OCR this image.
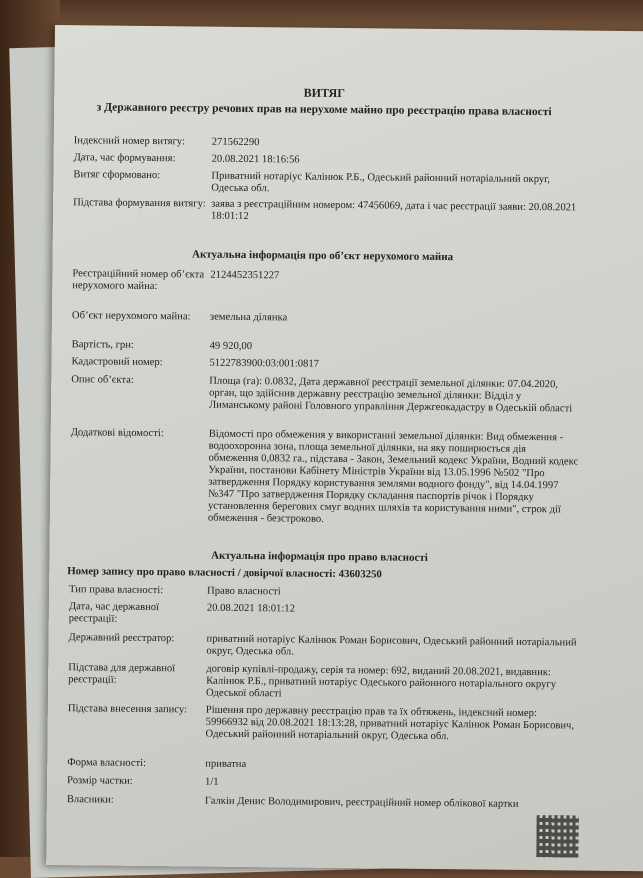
ВИТЯГ
з Державного реєстру речових прав на нерухоме майно про реєстрацію права власності
Індексний номер витягу:	271562290
Дата, час формування:	20.08.2021 18:16:56
Витяг сформовано:	Приватний нотаріус Калінюк Р.Б., Одеський районний нотаріальний округ, Одеська обл.
Підстава формування витягу: заява з реєстраційним номером: 47456069, дата і час реєстрації заяви: 20.08.2021 18:01:12
Актуальна інформація про об’єкт нерухомого майна
Реєстраційний номер об’єкта нерухомого майна:
2124452351227
Об’єкт нерухомого майна:	земельна ділянка
Вартість, грн:	49 920,00
Кадастровий номер:	5122783900:03:001:0817
Опис об’єкта:	Площа (га): 0.0832, Дата державної реєстрації земельної ділянки: 07.04.2020, орган, що здійснив державну реєстрацію земельної ділянки: Відділ у Лиманському районі Головного управління Держгеокадастру в Одеській області
Додаткові відомості:	Відомості про обмеження у використанні земельної ділянки: Вид обмеження - водоохоронна зона, площа земельної ділянки, на яку поширюється дія обмеження 0,0832 га., підстава - Закон, Земельний кодекс України, Водний кодекс України, постанови Кабінету Міністрів України від 13.05.1996 №502 "Про затвердження Порядку користування землями водного фонду", від 14.04.1997 №347 "Про затвердження Порядку складання паспортів річок і Порядку установлення берегових смуг водних шляхів та користування ними", строк дії обмеження - безстроково.
Актуальна інформація про право власності
Номер запису про право власності / довірчої власності: 43603250
Тип права власності:	Право власності
Дата, час державної реєстрації:
20.08.2021 18:01:12
Державний реєстратор:	приватний нотаріус Калінюк Роман Борисович, Одеський районний нотаріальний округ, Одеська обл.
Підстава для державної реєстрації:
договір купівлі-продажу, серія та номер: 692, виданий 20.08.2021, видавник: Калінюк Р.Б., приватний нотаріус Одеського районного нотаріального округу Одеської області
Підстава внесення запису:	Рішення про державну реєстрацію прав та їх обтяжень, індексний номер: 59966932 від 20.08.2021 18:13:28, приватний нотаріус Калінюк Роман Борисович, Одеський районний нотаріальний округ, Одеська обл.
Форма власності:	приватна
Розмір частки:	1/1
Власники:	Галкін Денис Володимирович, реєстраційний номер облікової картки
